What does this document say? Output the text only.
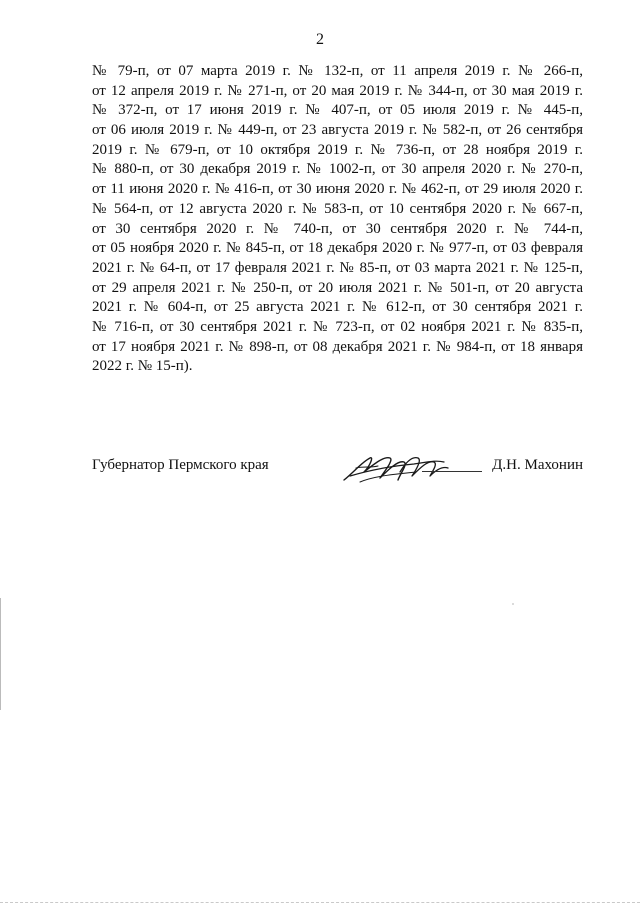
2
№ 79-п, от 07 марта 2019 г. № 132-п, от 11 апреля 2019 г. № 266-п,
от 12 апреля 2019 г. № 271-п, от 20 мая 2019 г. № 344-п, от 30 мая 2019 г.
№ 372-п, от 17 июня 2019 г. № 407-п, от 05 июля 2019 г. № 445-п,
от 06 июля 2019 г. № 449-п, от 23 августа 2019 г. № 582-п, от 26 сентября
2019 г. № 679-п, от 10 октября 2019 г. № 736-п, от 28 ноября 2019 г.
№ 880-п, от 30 декабря 2019 г. № 1002-п, от 30 апреля 2020 г. № 270-п,
от 11 июня 2020 г. № 416-п, от 30 июня 2020 г. № 462-п, от 29 июля 2020 г.
№ 564-п, от 12 августа 2020 г. № 583-п, от 10 сентября 2020 г. № 667-п,
от 30 сентября 2020 г. № 740-п, от 30 сентября 2020 г. № 744-п,
от 05 ноября 2020 г. № 845-п, от 18 декабря 2020 г. № 977-п, от 03 февраля
2021 г. № 64-п, от 17 февраля 2021 г. № 85-п, от 03 марта 2021 г. № 125-п,
от 29 апреля 2021 г. № 250-п, от 20 июля 2021 г. № 501-п, от 20 августа
2021 г. № 604-п, от 25 августа 2021 г. № 612-п, от 30 сентября 2021 г.
№ 716-п, от 30 сентября 2021 г. № 723-п, от 02 ноября 2021 г. № 835-п,
от 17 ноября 2021 г. № 898-п, от 08 декабря 2021 г. № 984-п, от 18 января
2022 г. № 15-п).
Губернатор Пермского края	Д.Н. Махонин
